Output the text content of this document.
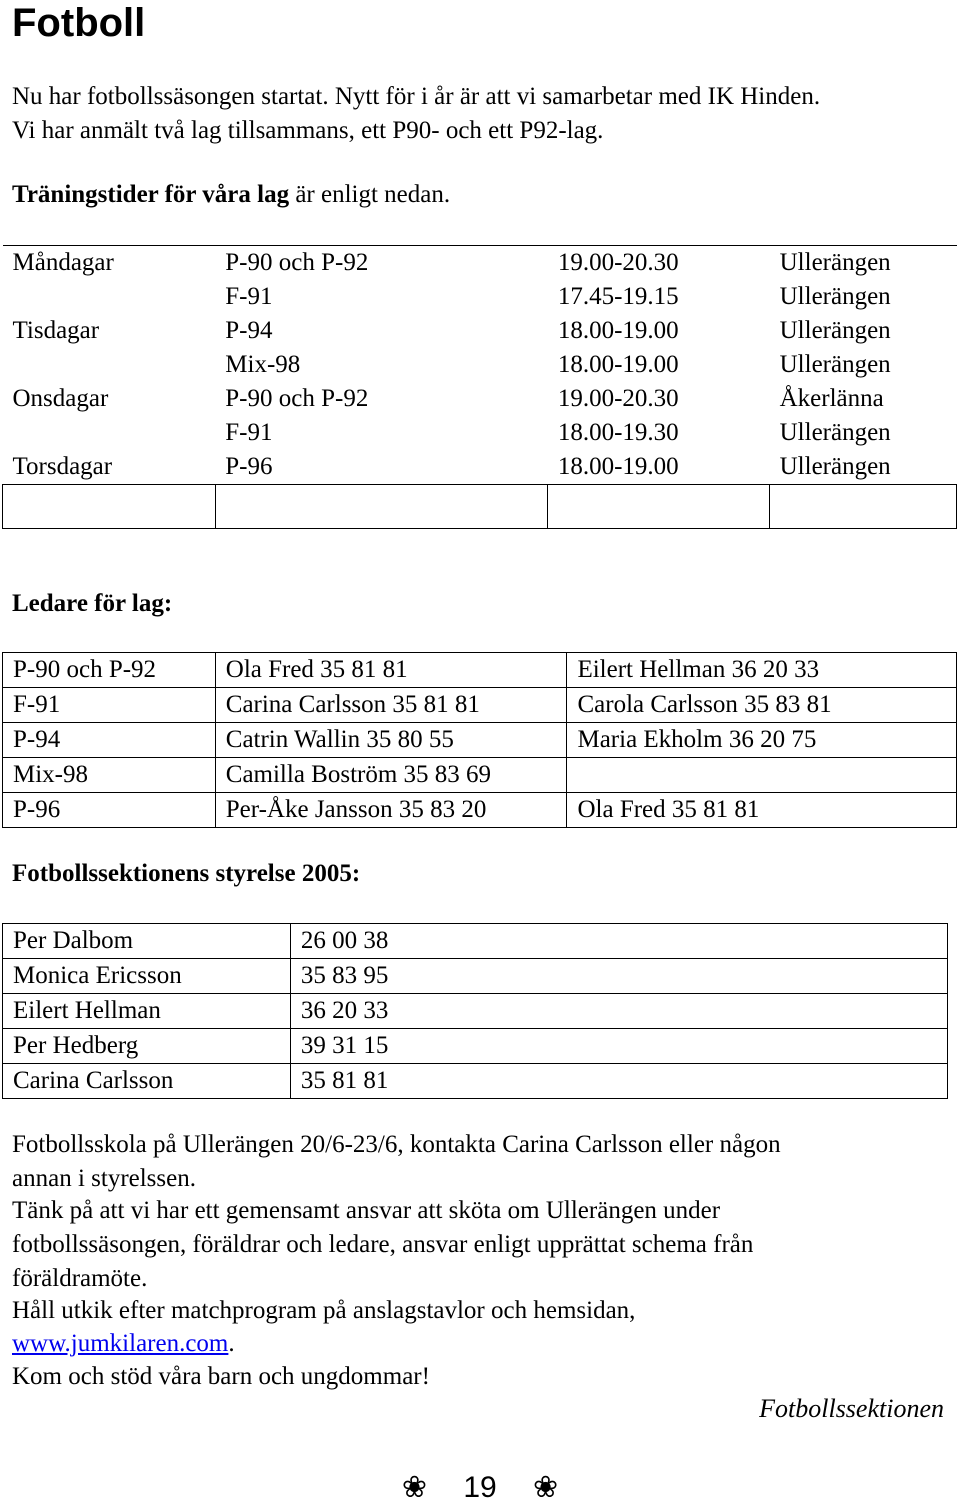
Fotboll
Nu har fotbollssäsongen startat. Nytt för i år är att vi samarbetar med IK Hinden.
Vi har anmält två lag tillsammans, ett P90- och ett P92-lag.
Träningstider för våra lag är enligt nedan.
Måndagar	P-90 och P-92	19.00-20.30	Ullerängen
	F-91	17.45-19.15	Ullerängen
Tisdagar	P-94	18.00-19.00	Ullerängen
	Mix-98	18.00-19.00	Ullerängen
Onsdagar	P-90 och P-92	19.00-20.30	Åkerlänna
	F-91	18.00-19.30	Ullerängen
Torsdagar	P-96	18.00-19.00	Ullerängen

Ledare för lag:
P-90 och P-92	Ola Fred 35 81 81	Eilert Hellman 36 20 33
F-91	Carina Carlsson 35 81 81	Carola Carlsson 35 83 81
P-94	Catrin Wallin 35 80 55	Maria Ekholm 36 20 75
Mix-98	Camilla Boström 35 83 69	
P-96	Per-Åke Jansson 35 83 20	Ola Fred 35 81 81
Fotbollssektionens styrelse 2005:
Per Dalbom	26 00 38
Monica Ericsson	35 83 95
Eilert Hellman	36 20 33
Per Hedberg	39 31 15
Carina Carlsson	35 81 81
Fotbollsskola på Ullerängen 20/6-23/6, kontakta Carina Carlsson eller någon
annan i styrelssen.
Tänk på att vi har ett gemensamt ansvar att sköta om Ullerängen under
fotbollssäsongen, föräldrar och ledare, ansvar enligt upprättat schema från
föräldramöte.
Håll utkik efter matchprogram på anslagstavlor och hemsidan,
www.jumkilaren.com.
Kom och stöd våra barn och ungdommar!
Fotbollssektionen
❀ 19 ❀
